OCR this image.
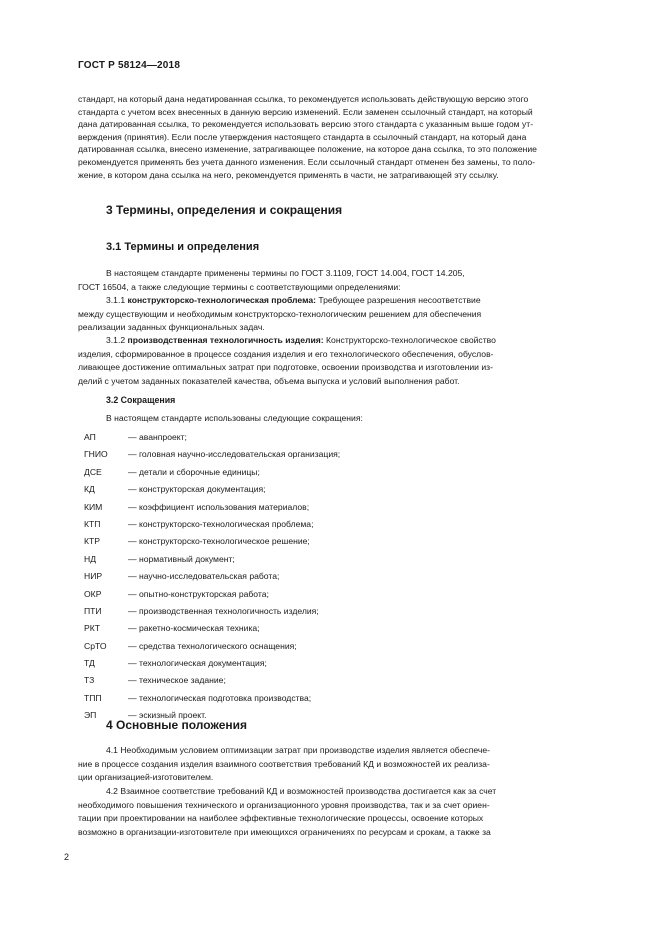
ГОСТ Р 58124—2018
стандарт, на который дана недатированная ссылка, то рекомендуется использовать действующую версию этого
стандарта с учетом всех внесенных в данную версию изменений. Если заменен ссылочный стандарт, на который
дана датированная ссылка, то рекомендуется использовать версию этого стандарта с указанным выше годом ут-
верждения (принятия). Если после утверждения настоящего стандарта в ссылочный стандарт, на который дана
датированная ссылка, внесено изменение, затрагивающее положение, на которое дана ссылка, то это положение
рекомендуется применять без учета данного изменения. Если ссылочный стандарт отменен без замены, то поло-
жение, в котором дана ссылка на него, рекомендуется применять в части, не затрагивающей эту ссылку.
3 Термины, определения и сокращения
3.1 Термины и определения
В настоящем стандарте применены термины по ГОСТ 3.1109, ГОСТ 14.004, ГОСТ 14.205,
ГОСТ 16504, а также следующие термины с соответствующими определениями:
3.1.1 конструкторско-технологическая проблема: Требующее разрешения несоответствие
между существующим и необходимым конструкторско-технологическим решением для обеспечения
реализации заданных функциональных задач.
3.1.2 производственная технологичность изделия: Конструкторско-технологическое свойство
изделия, сформированное в процессе создания изделия и его технологического обеспечения, обуслов-
ливающее достижение оптимальных затрат при подготовке, освоении производства и изготовлении из-
делий с учетом заданных показателей качества, объема выпуска и условий выполнения работ.
3.2 Сокращения
В настоящем стандарте использованы следующие сокращения:
АП	— аванпроект;
ГНИО — головная научно-исследовательская организация;
ДСЕ	— детали и сборочные единицы;
КД	— конструкторская документация;
КИМ	— коэффициент использования материалов;
КТП	— конструкторско-технологическая проблема;
КТР	— конструкторско-технологическое решение;
НД	— нормативный документ;
НИР	— научно-исследовательская работа;
ОКР	— опытно-конструкторская работа;
ПТИ	— производственная технологичность изделия;
РКТ	— ракетно-космическая техника;
СрТО — средства технологического оснащения;
ТД	— технологическая документация;
ТЗ	— техническое задание;
ТПП	— технологическая подготовка производства;
ЭП	— эскизный проект.
4 Основные положения
4.1 Необходимым условием оптимизации затрат при производстве изделия является обеспече-
ние в процессе создания изделия взаимного соответствия требований КД и возможностей их реализа-
ции организацией-изготовителем.
4.2 Взаимное соответствие требований КД и возможностей производства достигается как за счет
необходимого повышения технического и организационного уровня производства, так и за счет ориен-
тации при проектировании на наиболее эффективные технологические процессы, освоение которых
возможно в организации-изготовителе при имеющихся ограничениях по ресурсам и срокам, а также за
2
